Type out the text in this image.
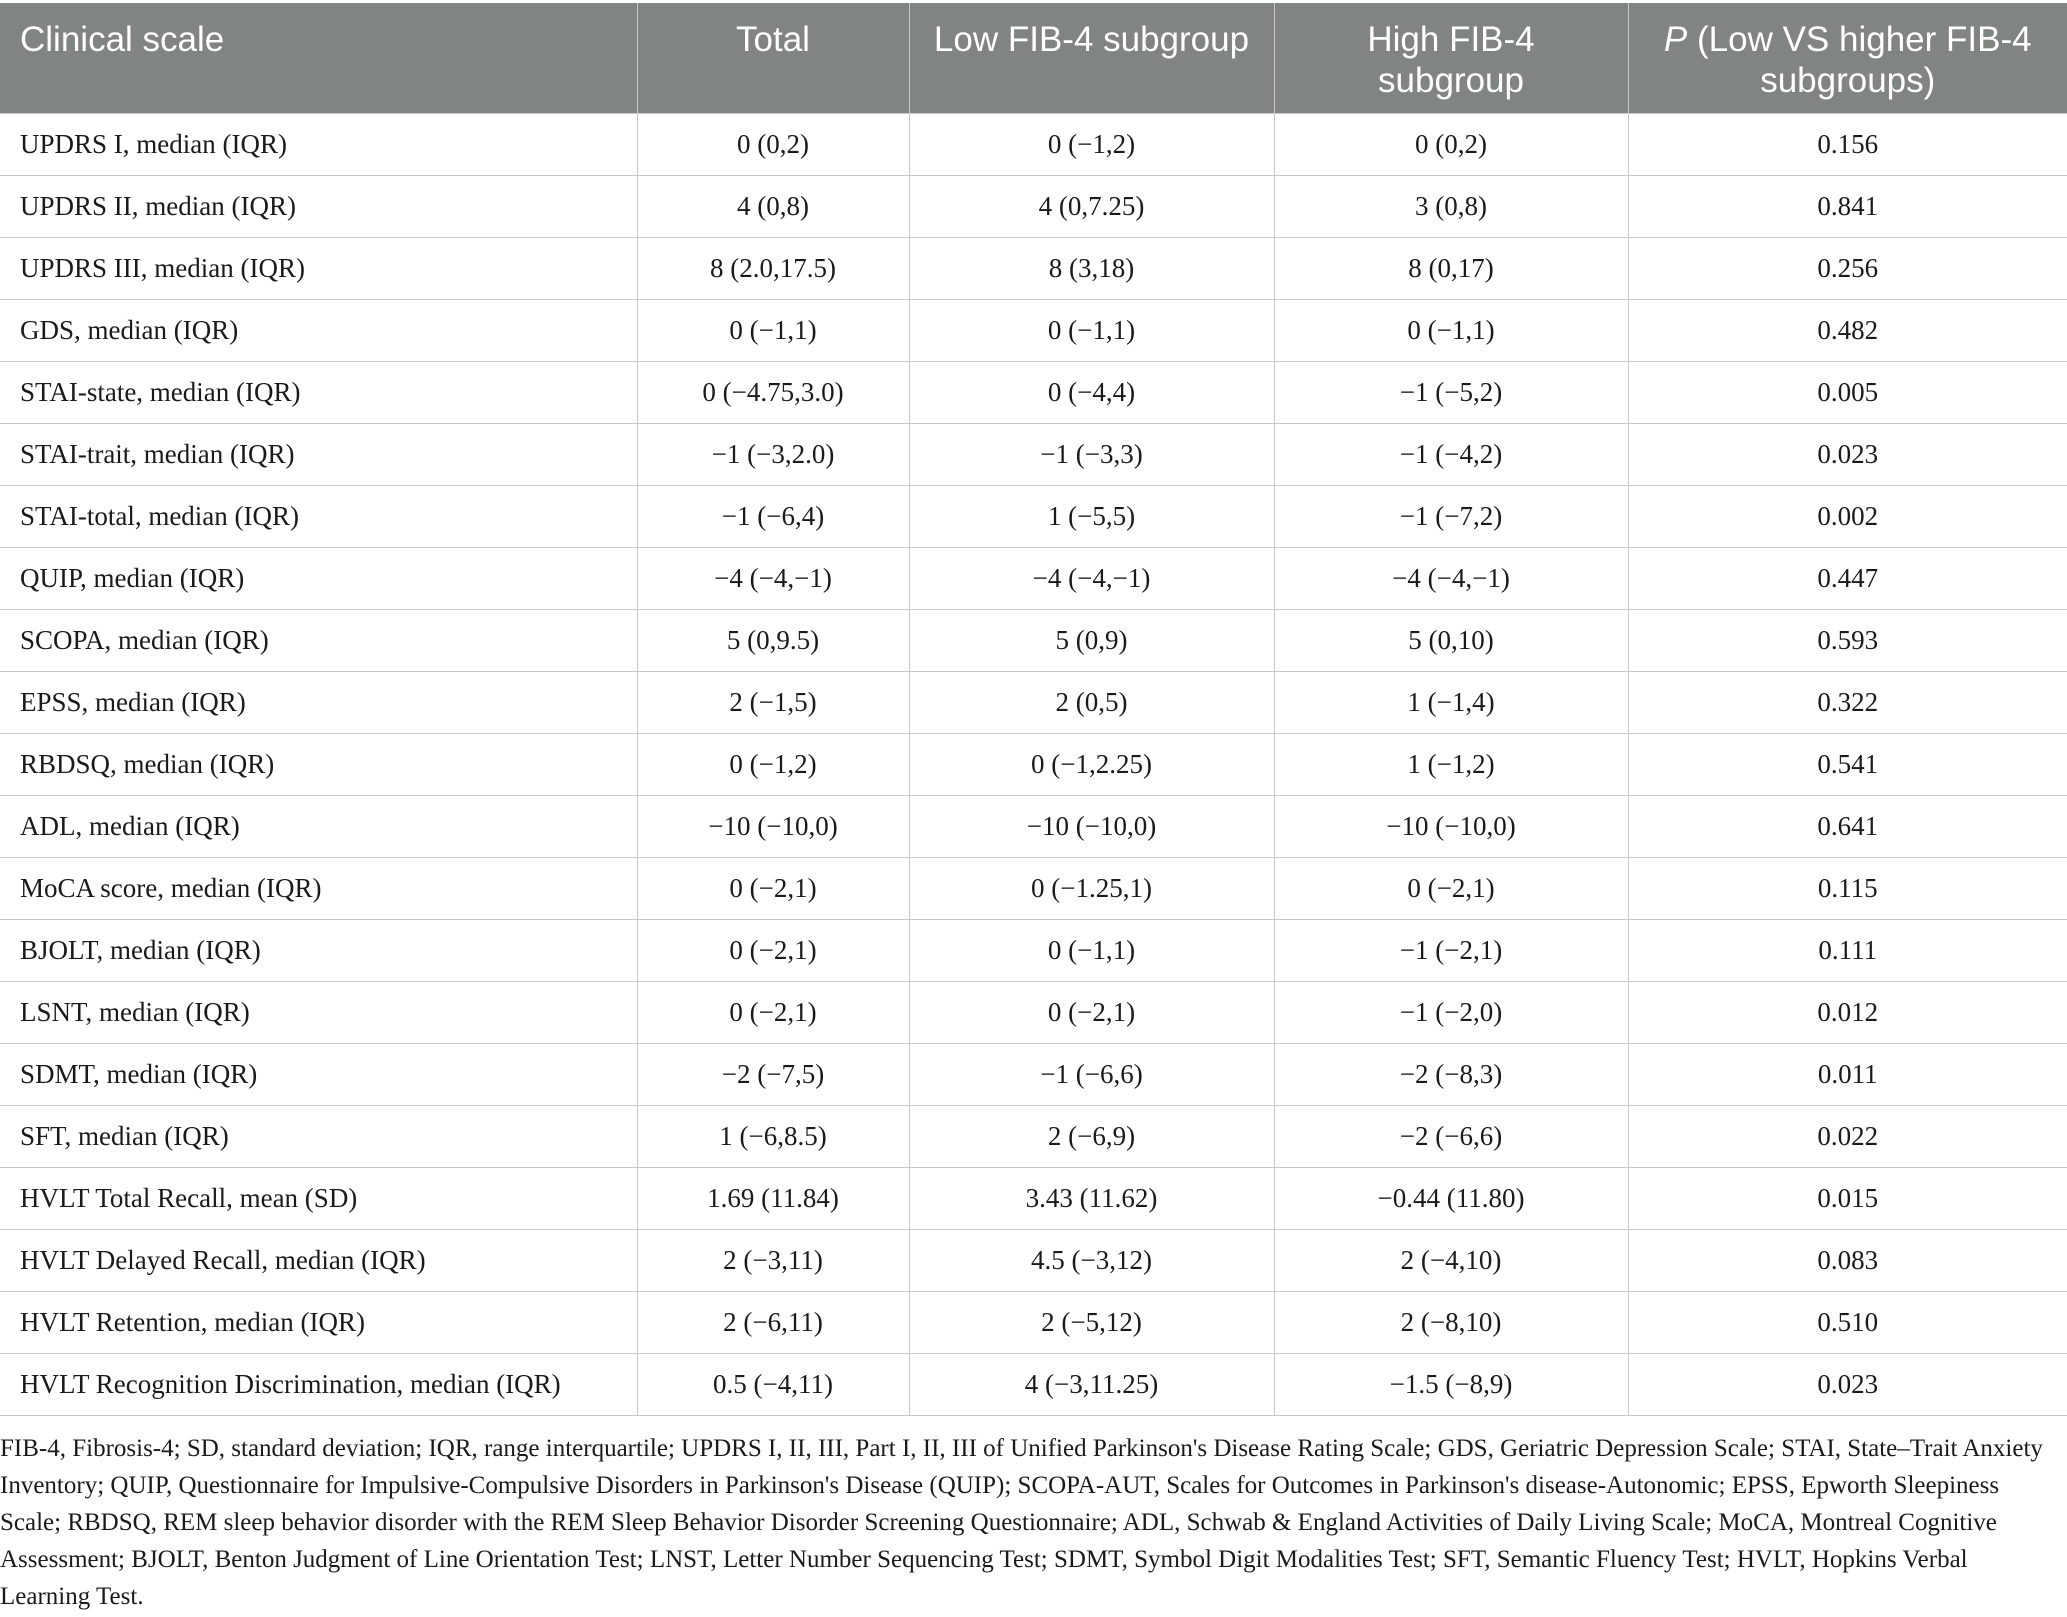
Clinical scale	Total	Low FIB-4 subgroup	High FIB-4 subgroup	P (Low VS higher FIB-4 subgroups)
UPDRS I, median (IQR)	0 (0,2)	0 (−1,2)	0 (0,2)	0.156
UPDRS II, median (IQR)	4 (0,8)	4 (0,7.25)	3 (0,8)	0.841
UPDRS III, median (IQR)	8 (2.0,17.5)	8 (3,18)	8 (0,17)	0.256
GDS, median (IQR)	0 (−1,1)	0 (−1,1)	0 (−1,1)	0.482
STAI-state, median (IQR)	0 (−4.75,3.0)	0 (−4,4)	−1 (−5,2)	0.005
STAI-trait, median (IQR)	−1 (−3,2.0)	−1 (−3,3)	−1 (−4,2)	0.023
STAI-total, median (IQR)	−1 (−6,4)	1 (−5,5)	−1 (−7,2)	0.002
QUIP, median (IQR)	−4 (−4,−1)	−4 (−4,−1)	−4 (−4,−1)	0.447
SCOPA, median (IQR)	5 (0,9.5)	5 (0,9)	5 (0,10)	0.593
EPSS, median (IQR)	2 (−1,5)	2 (0,5)	1 (−1,4)	0.322
RBDSQ, median (IQR)	0 (−1,2)	0 (−1,2.25)	1 (−1,2)	0.541
ADL, median (IQR)	−10 (−10,0)	−10 (−10,0)	−10 (−10,0)	0.641
MoCA score, median (IQR)	0 (−2,1)	0 (−1.25,1)	0 (−2,1)	0.115
BJOLT, median (IQR)	0 (−2,1)	0 (−1,1)	−1 (−2,1)	0.111
LSNT, median (IQR)	0 (−2,1)	0 (−2,1)	−1 (−2,0)	0.012
SDMT, median (IQR)	−2 (−7,5)	−1 (−6,6)	−2 (−8,3)	0.011
SFT, median (IQR)	1 (−6,8.5)	2 (−6,9)	−2 (−6,6)	0.022
HVLT Total Recall, mean (SD)	1.69 (11.84)	3.43 (11.62)	−0.44 (11.80)	0.015
HVLT Delayed Recall, median (IQR)	2 (−3,11)	4.5 (−3,12)	2 (−4,10)	0.083
HVLT Retention, median (IQR)	2 (−6,11)	2 (−5,12)	2 (−8,10)	0.510
HVLT Recognition Discrimination, median (IQR)	0.5 (−4,11)	4 (−3,11.25)	−1.5 (−8,9)	0.023

FIB-4, Fibrosis-4; SD, standard deviation; IQR, range interquartile; UPDRS I, II, III, Part I, II, III of Unified Parkinson's Disease Rating Scale; GDS, Geriatric Depression Scale; STAI, State–Trait Anxiety Inventory; QUIP, Questionnaire for Impulsive-Compulsive Disorders in Parkinson's Disease (QUIP); SCOPA-AUT, Scales for Outcomes in Parkinson's disease-Autonomic; EPSS, Epworth Sleepiness Scale; RBDSQ, REM sleep behavior disorder with the REM Sleep Behavior Disorder Screening Questionnaire; ADL, Schwab & England Activities of Daily Living Scale; MoCA, Montreal Cognitive Assessment; BJOLT, Benton Judgment of Line Orientation Test; LNST, Letter Number Sequencing Test; SDMT, Symbol Digit Modalities Test; SFT, Semantic Fluency Test; HVLT, Hopkins Verbal Learning Test.
